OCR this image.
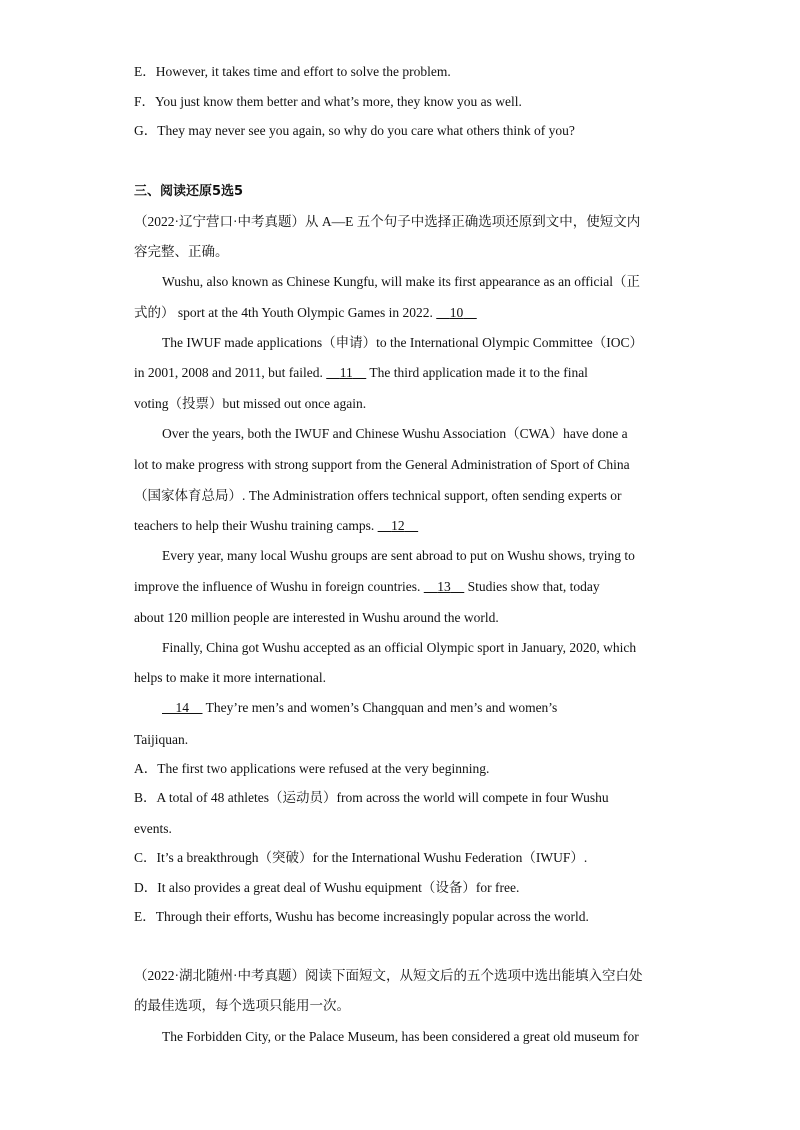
E．However, it takes time and effort to solve the problem.
F．You just know them better and what’s more, they know you as well.
G．They may never see you again, so why do you care what others think of you?
三、阅读还原5选5
（2022·辽宁营口·中考真题）从 A—E 五个句子中选择正确选项还原到文中，使短文内
容完整、正确。
Wushu, also known as Chinese Kungfu, will make its first appearance as an official（正
式的） sport at the 4th Youth Olympic Games in 2022. 10
The IWUF made applications（申请）to the International Olympic Committee（IOC）
in 2001, 2008 and 2011, but failed. 11 The third application made it to the final
voting（投票）but missed out once again.
Over the years, both the IWUF and Chinese Wushu Association（CWA）have done a
lot to make progress with strong support from the General Administration of Sport of China
（国家体育总局）. The Administration offers technical support, often sending experts or
teachers to help their Wushu training camps. 12
Every year, many local Wushu groups are sent abroad to put on Wushu shows, trying to
improve the influence of Wushu in foreign countries. 13 Studies show that, today
about 120 million people are interested in Wushu around the world.
Finally, China got Wushu accepted as an official Olympic sport in January, 2020, which
helps to make it more international.
14 They’re men’s and women’s Changquan and men’s and women’s
Taijiquan.
A．The first two applications were refused at the very beginning.
B．A total of 48 athletes（运动员）from across the world will compete in four Wushu
events.
C．It’s a breakthrough（突破）for the International Wushu Federation（IWUF）.
D．It also provides a great deal of Wushu equipment（设备）for free.
E．Through their efforts, Wushu has become increasingly popular across the world.
（2022·湖北随州·中考真题）阅读下面短文，从短文后的五个选项中选出能填入空白处
的最佳选项，每个选项只能用一次。
The Forbidden City, or the Palace Museum, has been considered a great old museum for
